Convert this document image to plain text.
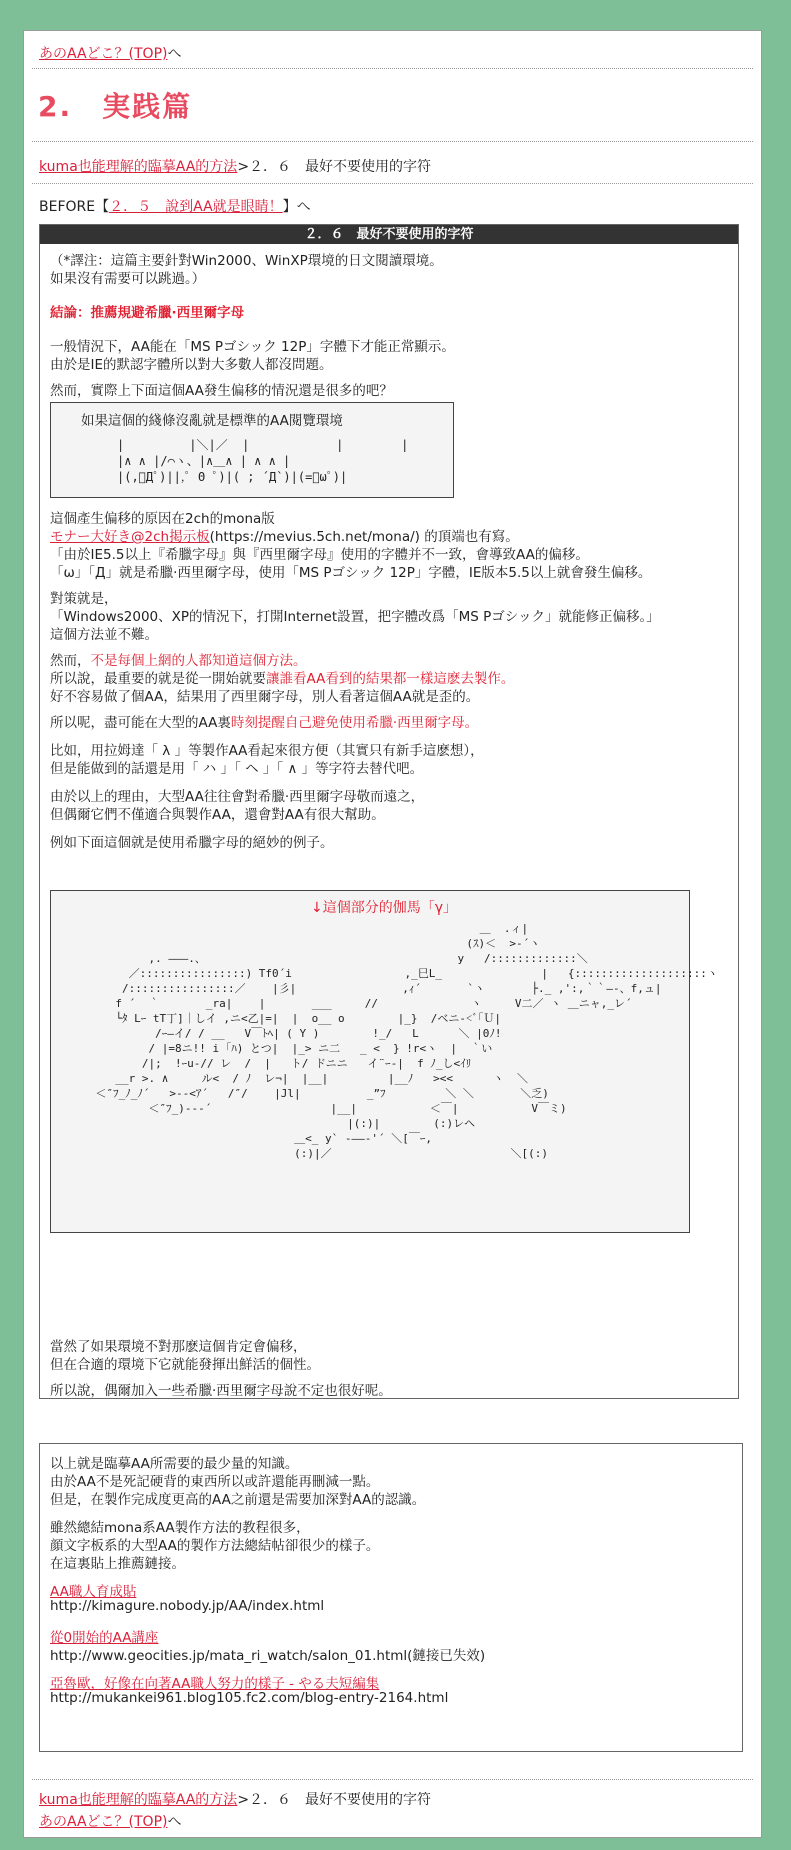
あのAAどこ？(TOP)へ
2.　実践篇
kuma也能理解的臨摹AA的方法>２．６　最好不要使用的字符
BEFORE【２．５　說到AA就是眼睛！】へ
２．６　最好不要使用的字符
（*譯注：這篇主要針對Win2000、WinXP環境的日文閱讀環境。
如果沒有需要可以跳過。）
結論：推薦規避希臘·西里爾字母
一般情況下，AA能在「MS Pゴシック 12P」字體下才能正常顯示。
由於是IE的默認字體所以對大多數人都沒問題。
然而，實際上下面這個AA發生偏移的情況還是很多的吧？
如果這個的綫條沒亂就是標準的AA閱覽環境
|         |＼|／  |            |        |
|∧ ∧ |/⌒ヽ、|∧＿∧ | ∧ ∧ |
|(,ﾟДﾟ)||,ﾟ Θ ﾟ)|( ; ´Д`)|(=ﾟωﾟ)|
這個產生偏移的原因在2ch的mona版
モナー大好き@2ch掲示板(https://mevius.5ch.net/mona/) 的頂端也有寫。
「由於IE5.5以上『希臘字母』與『西里爾字母』使用的字體并不一致，會導致AA的偏移。
「ω」「Д」就是希臘·西里爾字母，使用「MS Pゴシック 12P」字體，IE版本5.5以上就會發生偏移。
對策就是，
「Windows2000、XP的情況下，打開Internet設置，把字體改爲「MS Pゴシック」就能修正偏移。」
這個方法並不難。
然而，不是每個上網的人都知道這個方法。
所以說，最重要的就是從一開始就要讓誰看AA看到的結果都一樣這麽去製作。
好不容易做了個AA，結果用了西里爾字母，別人看著這個AA就是歪的。
所以呢，盡可能在大型的AA裏時刻提醒自己避免使用希臘·西里爾字母。
比如，用拉姆達「 λ 」等製作AA看起來很方便（其實只有新手這麽想），
但是能做到的話還是用「 ハ 」「 ヘ 」「 ∧ 」等字符去替代吧。
由於以上的理由，大型AA往往會對希臘·西里爾字母敬而遠之，
但偶爾它們不僅適合與製作AA，還會對AA有很大幫助。
例如下面這個就是使用希臘字母的絕妙的例子。
↓這個部分的伽馬「γ」
＿  .ィ|
(ｽ)＜  >-´ヽ
,. ―――.、                                      y   /:::::::::::::＼
／::::::::::::::::) Tf0´i                 ,_巳L_               |   {::::::::::::::::::::ヽ
/::::::::::::::::／    |彡|                ,ｨ´       `ヽ       ├._ ,':,｀｀―-、f,ュ|
f ´  ｀       _ra|    |       ___     //              ヽ     V二／ ヽ ＿ニャ,_レ´
└ﾀ Lｰ tT丁]｜しイ ,ニ<乙|=|  |  o__ o        |_}  /ベニ-<ﾞ｢Ｕ|
/ｰ―イ/ / __   V￣ﾄﾍ| ( Y )        !_/   L      ＼ |0ﾉ!
/ |=8ニ!! i ｢ﾊ) とつ|  |_> ニ二   _ <  } !r<ヽ  |  ｀い
/|;  !ｰu-// レ  /  |   ト/ ドニニ   イ¨ｰ-|  f ﾉ_し<ｲﾘ
__r >. ∧     ル<  / ﾉ  レ¬|  |__|         |__ﾉ   ><<      ヽ  ＼
＜″ﾌ_ﾉ_ﾉ´   >-‐<ｱ´   /″/    |Jl|          _”ﾌ         ＼ ＼       ＼乏)
＜″ﾌ_)--‐´                  |__|           ＜￣|           V￣ミ)
|(:)|        (:)レヘ
＿<_ y` ‐――‐'´ ＼[￣ｰ,
(:)|／                           ＼[(:)
當然了如果環境不對那麽這個肯定會偏移，
但在合適的環境下它就能發揮出鮮活的個性。
所以說，偶爾加入一些希臘·西里爾字母說不定也很好呢。
以上就是臨摹AA所需要的最少量的知識。
由於AA不是死記硬背的東西所以或許還能再刪減一點。
但是，在製作完成度更高的AA之前還是需要加深對AA的認識。
雖然總結mona系AA製作方法的教程很多，
顔文字板系的大型AA的製作方法總結帖卻很少的樣子。
在這裏貼上推薦鏈接。
AA職人育成貼
http://kimagure.nobody.jp/AA/index.html
從0開始的AA講座
http://www.geocities.jp/mata_ri_watch/salon_01.html(鏈接已失效)
亞魯歐，好像在向著AA職人努力的樣子 - やる夫短編集
http://mukankei961.blog105.fc2.com/blog-entry-2164.html
kuma也能理解的臨摹AA的方法>２．６　最好不要使用的字符
あのAAどこ？(TOP)へ
